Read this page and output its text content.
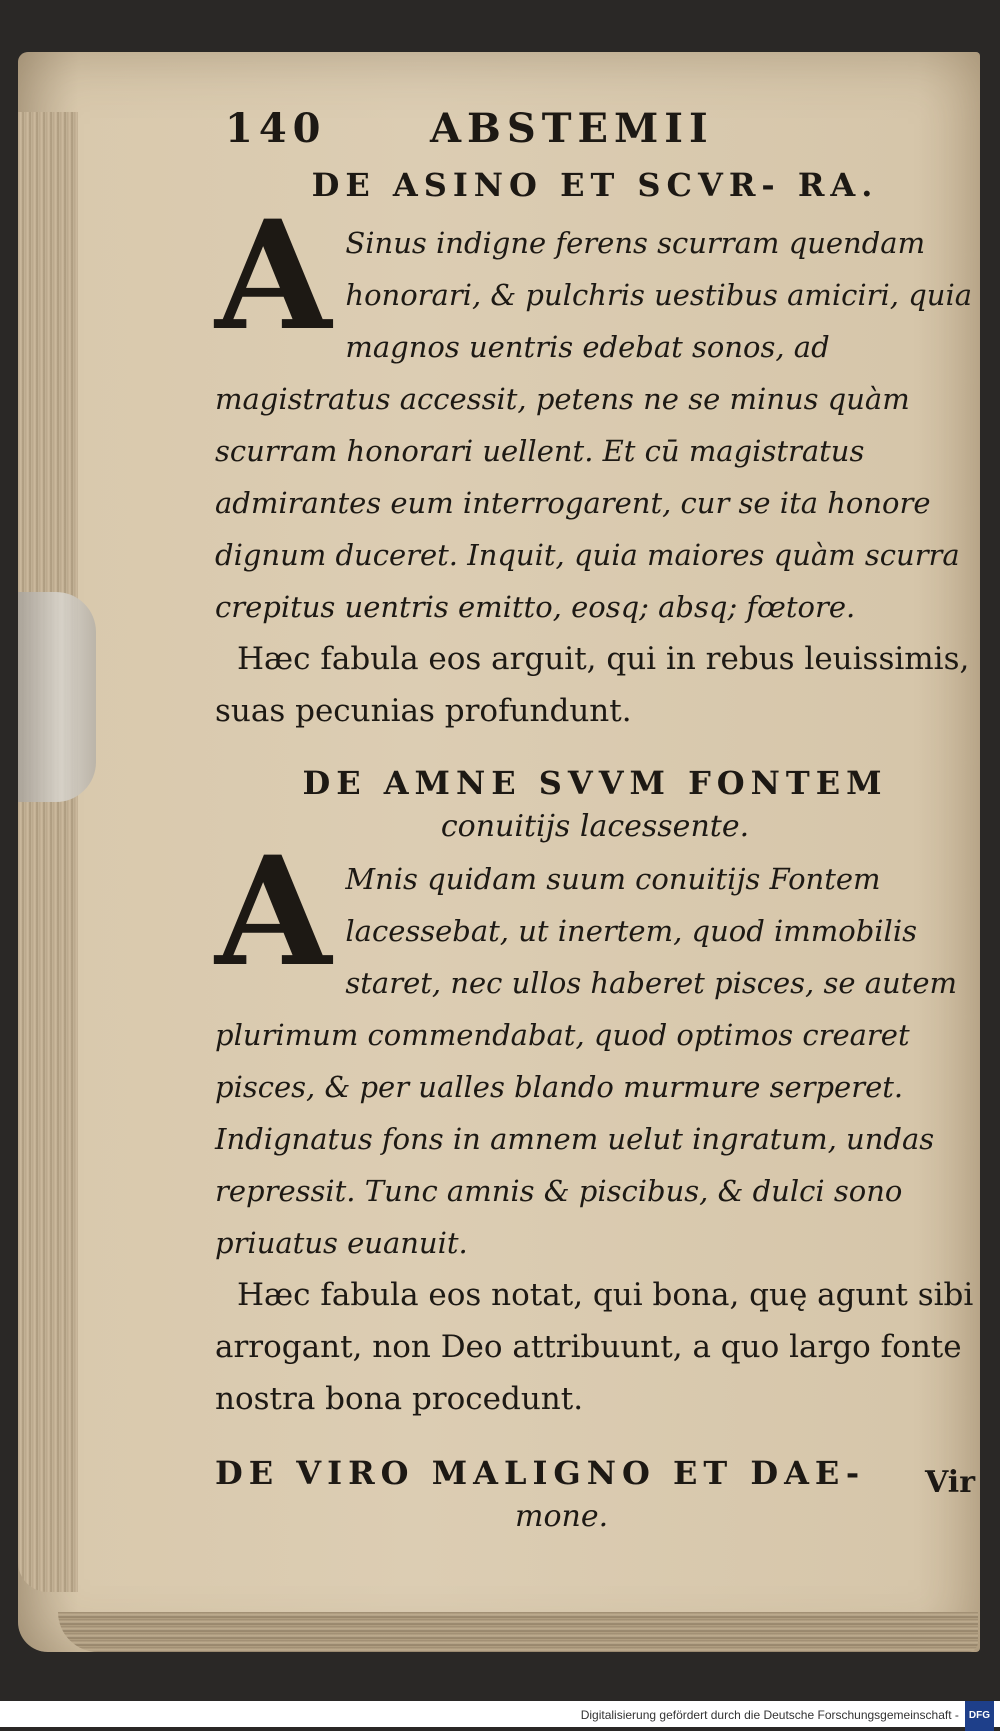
140	ABSTEMII
DE ASINO ET SCVR- RA.
A Sinus indigne ferens scurram quendam honorari, & pulchris uestibus amiciri, quia magnos uentris edebat sonos, ad magistratus accessit, petens ne se minus quàm scurram honorari uellent. Et cū magistratus admirantes eum interrogarent, cur se ita honore dignum duceret. Inquit, quia maiores quàm scurra crepitus uentris emitto, eosq; absq; fœtore.
Hæc fabula eos arguit, qui in rebus leuissimis, suas pecunias profundunt.
DE AMNE SVVM FONTEM
conuitijs lacessente.
A Mnis quidam suum conuitijs Fontem lacessebat, ut inertem, quod immobilis staret, nec ullos haberet pisces, se autem plurimum commendabat, quod optimos crearet pisces, & per ualles blando murmure serperet. Indignatus fons in amnem uelut ingratum, undas repressit. Tunc amnis & piscibus, & dulci sono priuatus euanuit.
Hæc fabula eos notat, qui bona, quę agunt sibi arrogant, non Deo attribuunt, a quo largo fonte nostra bona procedunt.
DE VIRO MALIGNO ET DAE-
mone.
Vir
Digitalisierung gefördert durch die Deutsche Forschungsgemeinschaft - DFG
